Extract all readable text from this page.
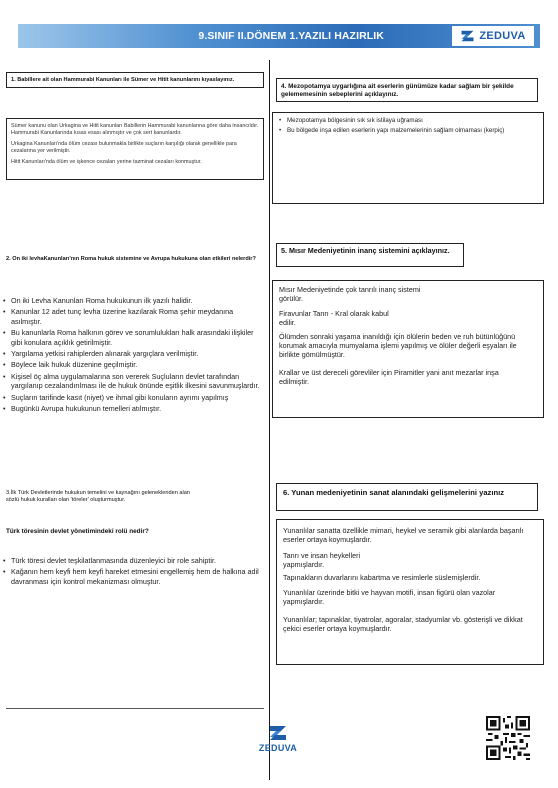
9.SINIF II.DÖNEM 1.YAZILI HAZIRLIK	ZEDUVA
1. Babillere ait olan Hammurabi Kanunları ile Sümer ve Hitit kanunlarını kıyaslayınız.
Sümer kanunu olan Urkagina ve Hitit kanunları Babillerin Hammurabi kanunlarına göre daha insancıldır. Hammurabi Kanunlarında kısas esası alınmıştır ve çok sert kanunlardır.
Urkagina Kanunları'nda ölüm cezası bulunmakla birlikte suçların karşılığı olarak genellikle para cezalarına yer verilmiştir.
Hitit Kanunları'nda ölüm ve işkence cezaları yerine tazminat cezaları konmuştur.
2. On iki levhaKanunları'nın Roma hukuk sistemine ve Avrupa hukukuna olan etkileri nelerdir?
• On iki Levha Kanunları Roma hukukunun ilk yazılı halidir.
• Kanunlar 12 adet tunç levha üzerine kazılarak Roma şehir meydanına asılmıştır.
• Bu kanunlarla Roma halkının görev ve sorumlulukları halk arasındaki ilişkiler gibi konulara açıklık getirilmiştir.
• Yargılama yetkisi rahiplerden alınarak yargıçlara verilmiştir.
• Böylece laik hukuk düzenine geçilmiştir.
• Kişisel öç alma uygulamalarına son vererek Suçluların devlet tarafından yargılanıp cezalandırılması ile de hukuk önünde eşitlik ilkesini savunmuşlardır.
• Suçların tarifinde kasıt (niyet) ve ihmal gibi konuların ayrımı yapılmış
• Bugünkü Avrupa hukukunun temelleri atılmıştır.
3.İlk Türk Devletlerinde hukukun temelini ve kaynağını gelenekleriden alan sözlü hukuk kuralları olan 'töreler' oluşturmuştur.
Türk töresinin devlet yönetimindeki rolü nedir?
• Türk töresi devlet teşkilatlanmasında düzenleyici bir role sahiptir.
• Kağanın hem keyfi hem keyfi hareket etmesini engellemiş hem de halkına adil davranması için kontrol mekanizması olmuştur.
4. Mezopotamya uygarlığına ait eserlerin günümüze kadar sağlam bir şekilde gelememesinin sebeplerini açıklayınız.
• Mezopotamya bölgesinin sık sık istilaya uğraması
• Bu bölgede inşa edilen eserlerin yapı malzemelerinin sağlam olmaması (kerpiç)
5. Mısır Medeniyetinin inanç sistemini açıklayınız.
Mısır Medeniyetinde çok tanrılı inanç sistemi görülür.
Firavunlar Tanrı - Kral olarak kabul edilir.
Ölümden sonraki yaşama inanıldığı için ölülerin beden ve ruh bütünlüğünü korumak amacıyla mumyalama işlemi yapılmış ve ölüler değerli eşyaları ile birlikte gömülmüştür.
Krallar ve üst dereceli görevliler için Piramitler yani anıt mezarlar inşa edilmiştir.
6. Yunan medeniyetinin sanat alanındaki gelişmelerini yazınız
Yunanlılar sanatta özellikle mimari, heykel ve seramik gibi alanlarda başarılı eserler ortaya koymuşlardır.
Tanrı ve insan heykelleri yapmışlardır.
Tapınakların duvarlarını kabartma ve resimlerle süslemişlerdir.
Yunanlılar üzerinde bitki ve hayvan motifi, insan figürü olan vazolar yapmışlardır.
Yunanlılar; tapınaklar, tiyatrolar, agoralar, stadyumlar vb. gösterişli ve dikkat çekici eserler ortaya koymuşlardır.
ZEDUVA
